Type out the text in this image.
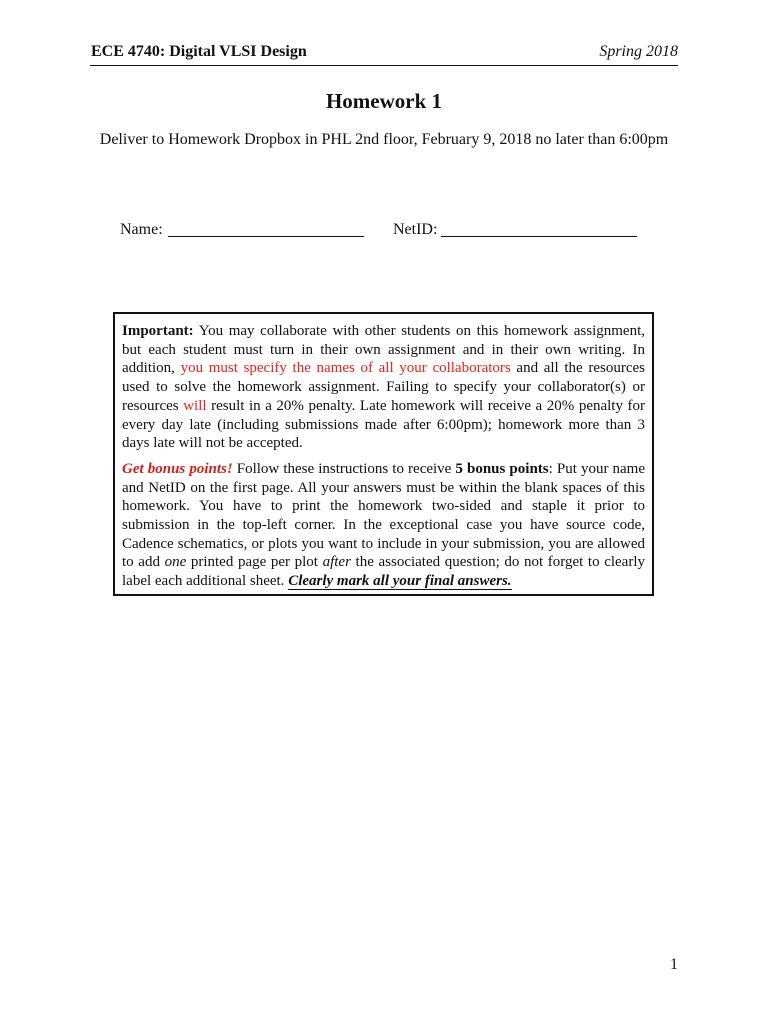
ECE 4740: Digital VLSI Design	Spring 2018
Homework 1
Deliver to Homework Dropbox in PHL 2nd floor, February 9, 2018 no later than 6:00pm
Name:	NetID:

Important: You may collaborate with other students on this homework assignment, but each student must turn in their own assignment and in their own writing. In addition, you must specify the names of all your collaborators and all the resources used to solve the homework assignment. Failing to specify your collaborator(s) or resources will result in a 20% penalty. Late homework will receive a 20% penalty for every day late (including submissions made after 6:00pm); homework more than 3 days late will not be accepted.

Get bonus points! Follow these instructions to receive 5 bonus points: Put your name and NetID on the first page. All your answers must be within the blank spaces of this homework. You have to print the homework two-sided and staple it prior to submission in the top-left corner. In the exceptional case you have source code, Cadence schematics, or plots you want to include in your submission, you are allowed to add one printed page per plot after the associated question; do not forget to clearly label each additional sheet. Clearly mark all your final answers.

1
